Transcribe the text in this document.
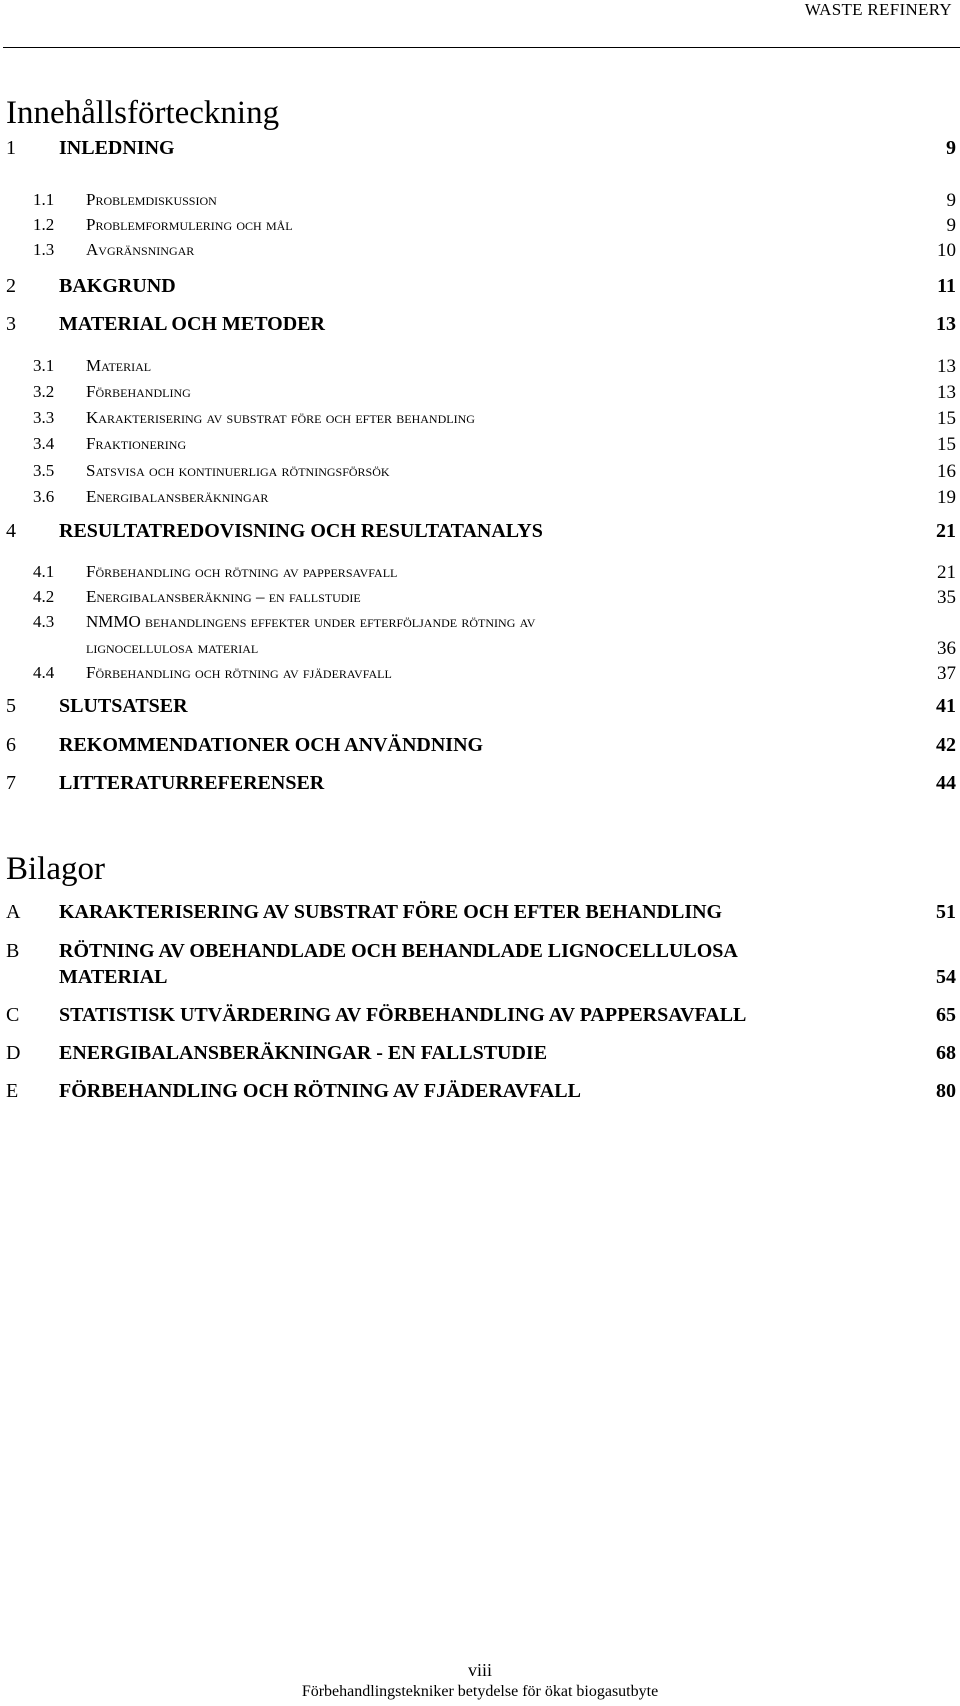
WASTE REFINERY
Innehållsförteckning
1 INLEDNING	9
1.1 Problemdiskussion	9
1.2 Problemformulering och mål	9
1.3 Avgränsningar	10
2 BAKGRUND	11
3 MATERIAL OCH METODER	13
3.1 Material	13
3.2 Förbehandling	13
3.3 Karakterisering av substrat före och efter behandling	15
3.4 Fraktionering	15
3.5 Satsvisa och kontinuerliga rötningsförsök	16
3.6 Energibalansberäkningar	19
4 RESULTATREDOVISNING OCH RESULTATANALYS	21
4.1 Förbehandling och rötning av pappersavfall	21
4.2 Energibalansberäkning – en fallstudie	35
4.3 NMMO behandlingens effekter under efterföljande rötning av
lignocellulosa material	36
4.4 Förbehandling och rötning av fjäderavfall	37
5 SLUTSATSER	41
6 REKOMMENDATIONER OCH ANVÄNDNING	42
7 LITTERATURREFERENSER	44
Bilagor
A KARAKTERISERING AV SUBSTRAT FÖRE OCH EFTER BEHANDLING	51
B RÖTNING AV OBEHANDLADE OCH BEHANDLADE LIGNOCELLULOSA
MATERIAL	54
C STATISTISK UTVÄRDERING AV FÖRBEHANDLING AV PAPPERSAVFALL	65
D ENERGIBALANSBERÄKNINGAR - EN FALLSTUDIE	68
E FÖRBEHANDLING OCH RÖTNING AV FJÄDERAVFALL	80
viii
Förbehandlingstekniker betydelse för ökat biogasutbyte
